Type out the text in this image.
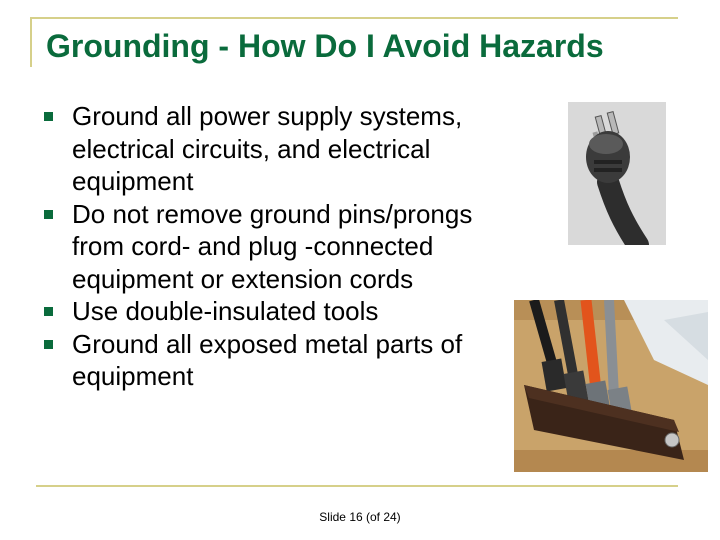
Grounding - How Do I Avoid Hazards
Ground all power supply systems, electrical circuits, and electrical equipment
Do not remove ground pins/prongs from cord- and plug -connected equipment or extension cords
Use double-insulated tools
Ground all exposed metal parts of equipment
Slide 16 (of 24)
